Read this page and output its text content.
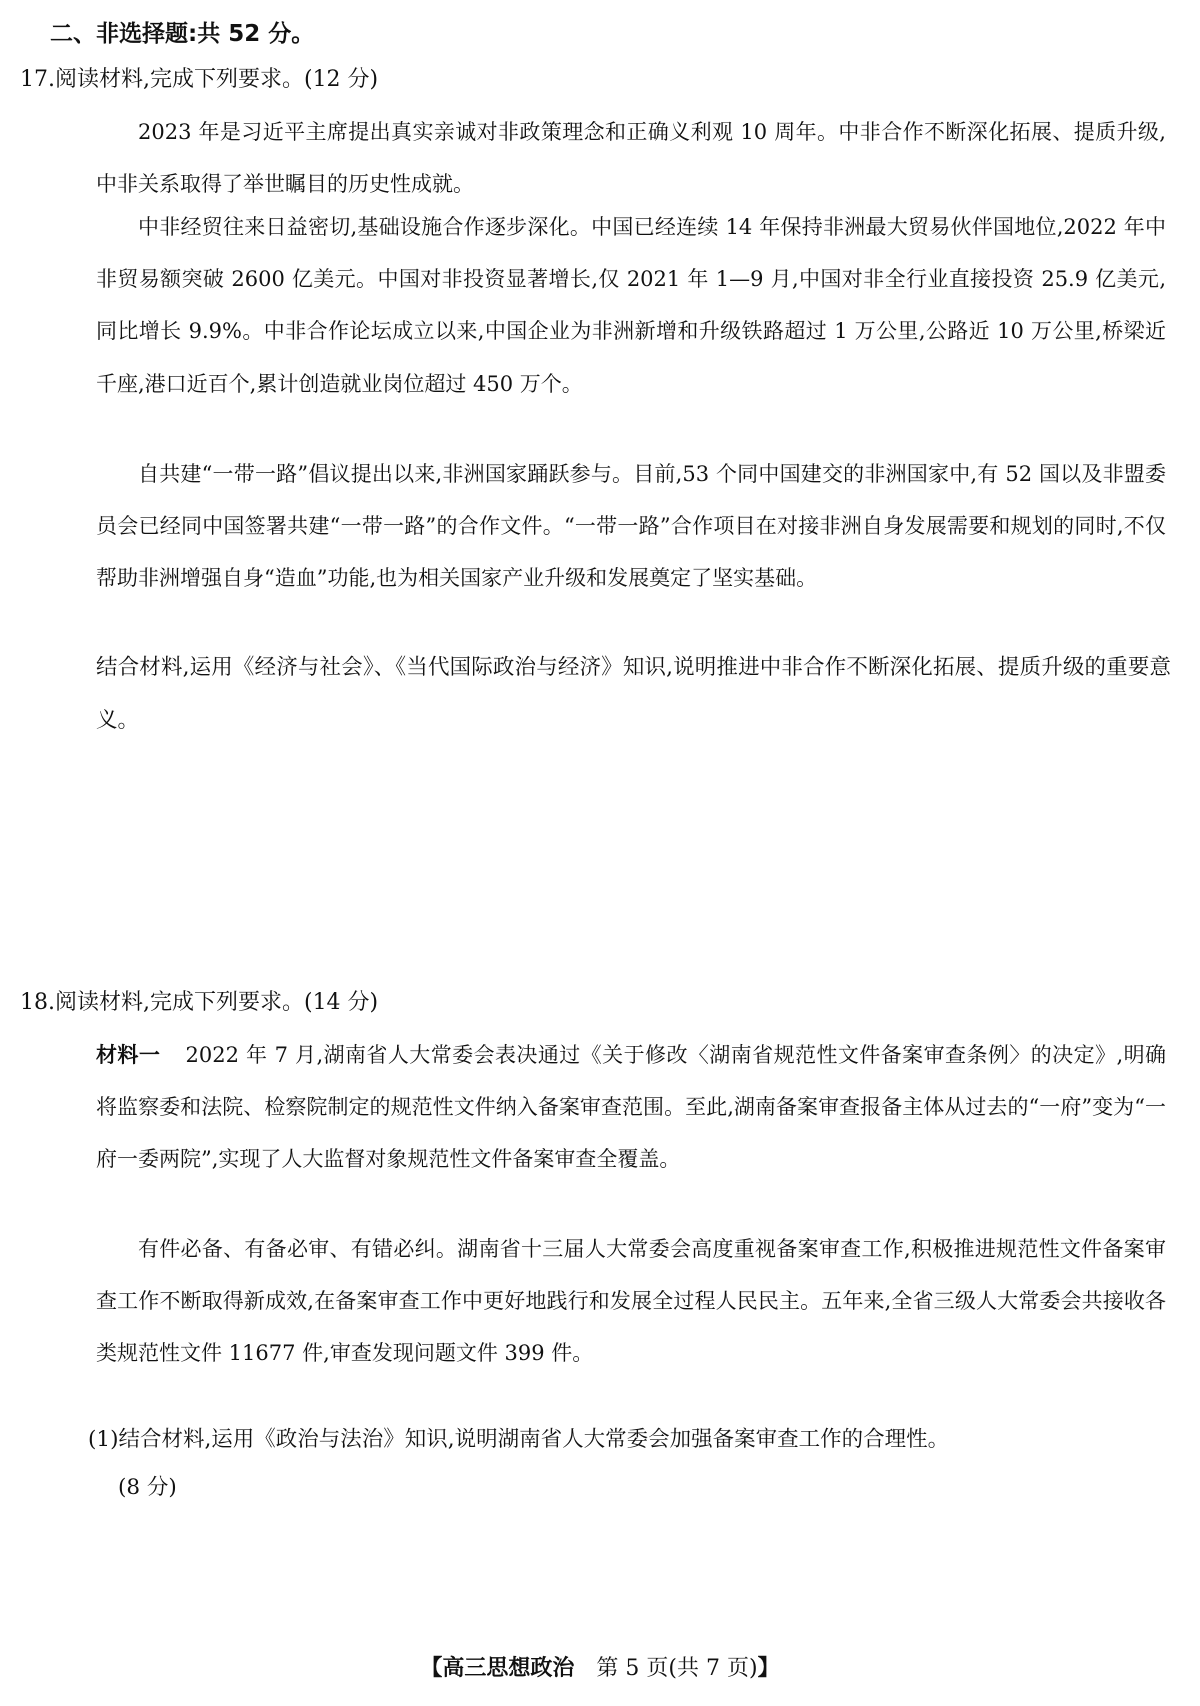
二、非选择题:共 52 分。
17.阅读材料,完成下列要求。(12 分)

2023 年是习近平主席提出真实亲诚对非政策理念和正确义利观 10 周年。中非合作不断深化拓展、提质升级,中非关系取得了举世瞩目的历史性成就。

中非经贸往来日益密切,基础设施合作逐步深化。中国已经连续 14 年保持非洲最大贸易伙伴国地位,2022 年中非贸易额突破 2600 亿美元。中国对非投资显著增长,仅 2021 年 1—9 月,中国对非全行业直接投资 25.9 亿美元,同比增长 9.9%。中非合作论坛成立以来,中国企业为非洲新增和升级铁路超过 1 万公里,公路近 10 万公里,桥梁近千座,港口近百个,累计创造就业岗位超过 450 万个。

自共建“一带一路”倡议提出以来,非洲国家踊跃参与。目前,53 个同中国建交的非洲国家中,有 52 国以及非盟委员会已经同中国签署共建“一带一路”的合作文件。“一带一路”合作项目在对接非洲自身发展需要和规划的同时,不仅帮助非洲增强自身“造血”功能,也为相关国家产业升级和发展奠定了坚实基础。

结合材料,运用《经济与社会》、《当代国际政治与经济》知识,说明推进中非合作不断深化拓展、提质升级的重要意义。

18.阅读材料,完成下列要求。(14 分)

材料一 2022 年 7 月,湖南省人大常委会表决通过《关于修改〈湖南省规范性文件备案审查条例〉的决定》,明确将监察委和法院、检察院制定的规范性文件纳入备案审查范围。至此,湖南备案审查报备主体从过去的“一府”变为“一府一委两院”,实现了人大监督对象规范性文件备案审查全覆盖。

有件必备、有备必审、有错必纠。湖南省十三届人大常委会高度重视备案审查工作,积极推进规范性文件备案审查工作不断取得新成效,在备案审查工作中更好地践行和发展全过程人民民主。五年来,全省三级人大常委会共接收各类规范性文件 11677 件,审查发现问题文件 399 件。

(1)结合材料,运用《政治与法治》知识,说明湖南省人大常委会加强备案审查工作的合理性。

(8 分)

【高三思想政治 第 5 页(共 7 页)】
